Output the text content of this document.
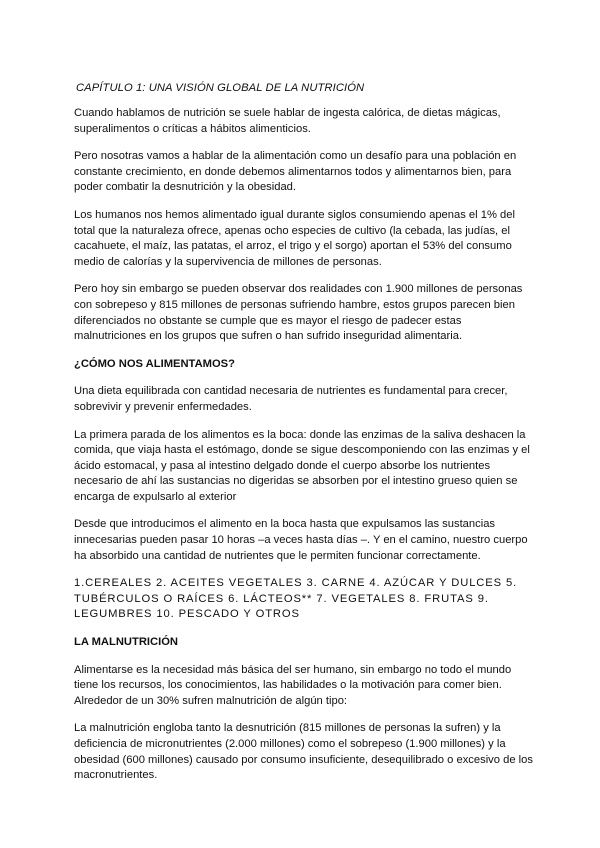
CAPÍTULO 1: UNA VISIÓN GLOBAL DE LA NUTRICIÓN

Cuando hablamos de nutrición se suele hablar de ingesta calórica, de dietas mágicas, superalimentos o críticas a hábitos alimenticios.

Pero nosotras vamos a hablar de la alimentación como un desafío para una población en constante crecimiento, en donde debemos alimentarnos todos y alimentarnos bien, para poder combatir la desnutrición y la obesidad.

Los humanos nos hemos alimentado igual durante siglos consumiendo apenas el 1% del total que la naturaleza ofrece, apenas ocho especies de cultivo (la cebada, las judías, el cacahuete, el maíz, las patatas, el arroz, el trigo y el sorgo) aportan el 53% del consumo medio de calorías y la supervivencia de millones de personas.

Pero hoy sin embargo se pueden observar dos realidades con 1.900 millones de personas con sobrepeso y 815 millones de personas sufriendo hambre, estos grupos parecen bien diferenciados no obstante se cumple que es mayor el riesgo de padecer estas malnutriciones en los grupos que sufren o han sufrido inseguridad alimentaria.

¿CÓMO NOS ALIMENTAMOS?

Una dieta equilibrada con cantidad necesaria de nutrientes es fundamental para crecer, sobrevivir y prevenir enfermedades.

La primera parada de los alimentos es la boca: donde las enzimas de la saliva deshacen la comida, que viaja hasta el estómago, donde se sigue descomponiendo con las enzimas y el ácido estomacal, y pasa al intestino delgado donde el cuerpo absorbe los nutrientes necesario de ahí las sustancias no digeridas se absorben por el intestino grueso quien se encarga de expulsarlo al exterior

Desde que introducimos el alimento en la boca hasta que expulsamos las sustancias innecesarias pueden pasar 10 horas –a veces hasta días –. Y en el camino, nuestro cuerpo ha absorbido una cantidad de nutrientes que le permiten funcionar correctamente.

1.CEREALES 2. ACEITES VEGETALES 3. CARNE 4. AZÚCAR Y DULCES 5. TUBÉRCULOS O RAÍCES 6. LÁCTEOS** 7. VEGETALES 8. FRUTAS 9. LEGUMBRES 10. PESCADO Y OTROS

LA MALNUTRICIÓN

Alimentarse es la necesidad más básica del ser humano, sin embargo no todo el mundo tiene los recursos, los conocimientos, las habilidades o la motivación para comer bien. Alrededor de un 30% sufren malnutrición de algún tipo:

La malnutrición engloba tanto la desnutrición (815 millones de personas la sufren) y la deficiencia de micronutrientes (2.000 millones) como el sobrepeso (1.900 millones) y la obesidad (600 millones) causado por consumo insuficiente, desequilibrado o excesivo de los macronutrientes.
